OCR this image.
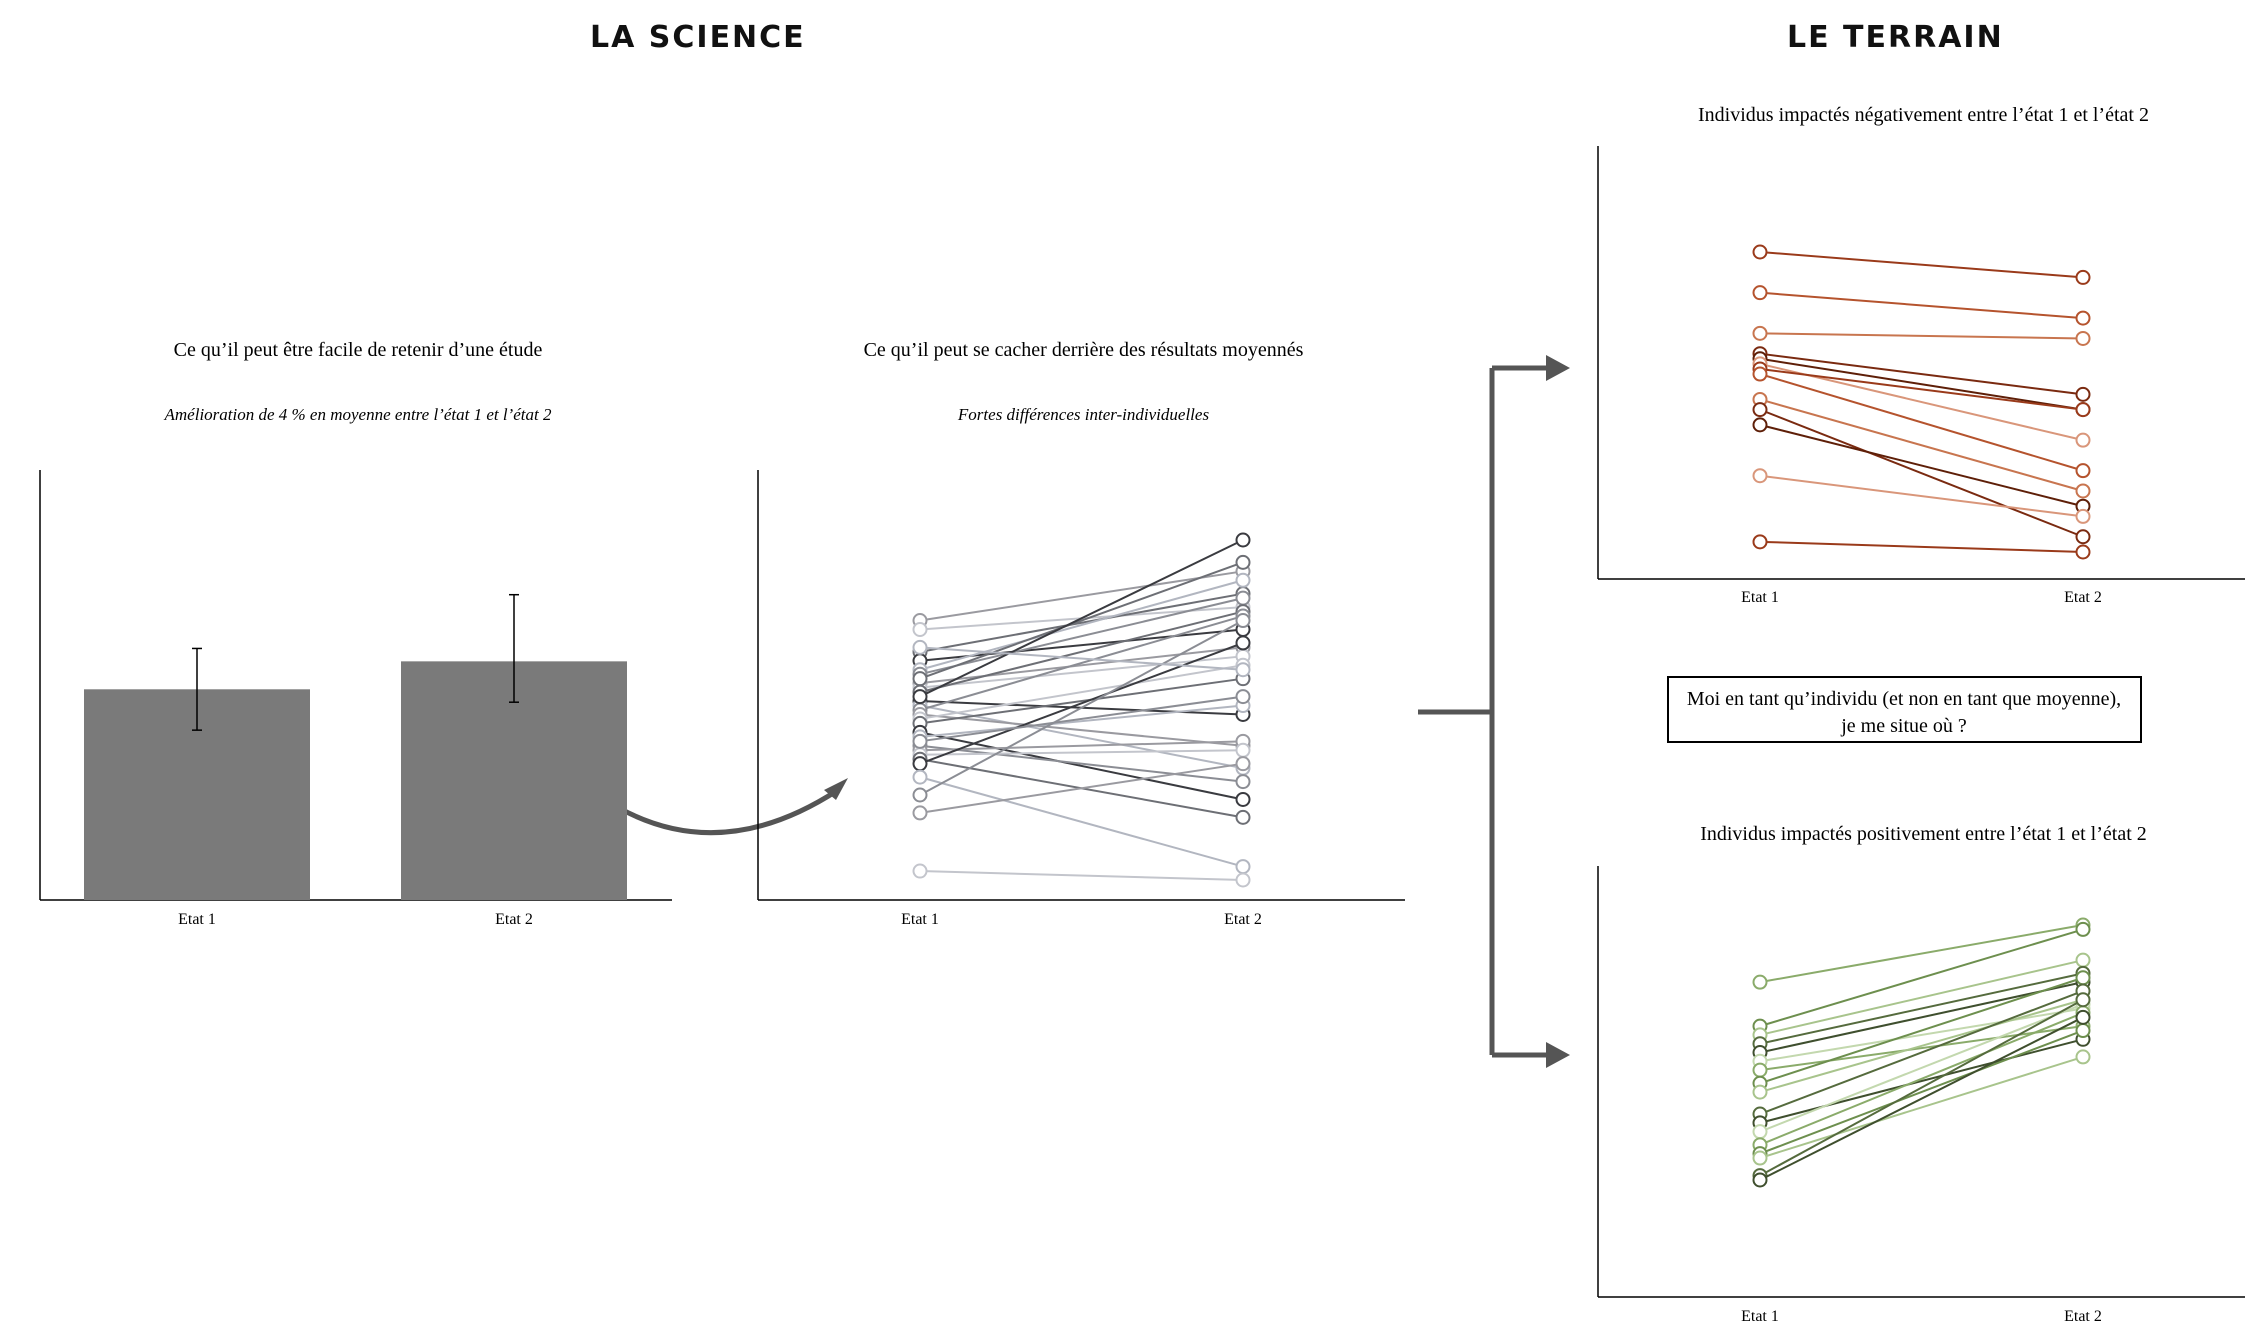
LA SCIENCE	LE TERRAIN
Moi en tant qu’individu (et non en tant que moyenne),
je me situe où ?
Ce qu’il peut être facile de retenir d’une étude
Amélioration de 4 % en moyenne entre l’état 1 et l’état 2
Etat 1	Etat 2
Ce qu’il peut se cacher derrière des résultats moyennés
Fortes différences inter-individuelles
Etat 1	Etat 2
Individus impactés négativement entre l’état 1 et l’état 2
Etat 1	Etat 2
Individus impactés positivement entre l’état 1 et l’état 2
Etat 1	Etat 2
